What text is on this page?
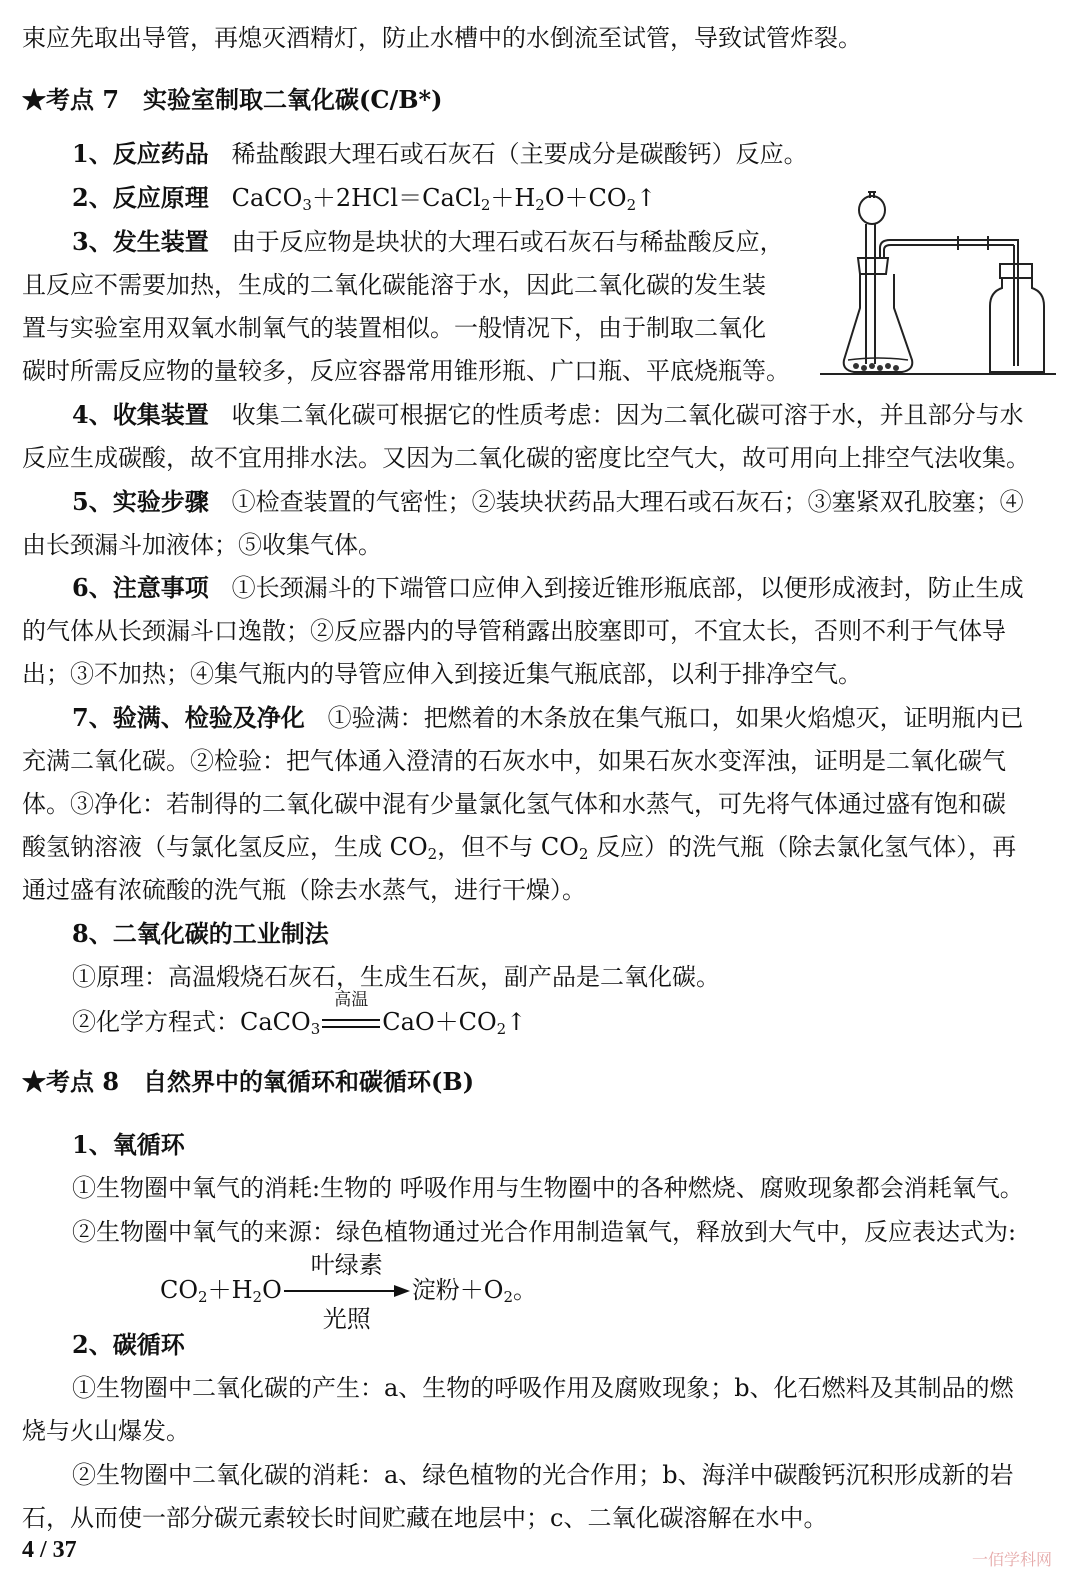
束应先取出导管，再熄灭酒精灯，防止水槽中的水倒流至试管，导致试管炸裂。
★考点 7　实验室制取二氧化碳(C/B*)
1、反应药品 稀盐酸跟大理石或石灰石（主要成分是碳酸钙）反应。
2、反应原理 $CaCO_3+2HCl=CaCl_2+H_2O+CO_2↑$
3、发生装置 由于反应物是块状的大理石或石灰石与稀盐酸反应，
且反应不需要加热，生成的二氧化碳能溶于水，因此二氧化碳的发生装
置与实验室用双氧水制氧气的装置相似。一般情况下，由于制取二氧化
碳时所需反应物的量较多，反应容器常用锥形瓶、广口瓶、平底烧瓶等。
4、收集装置 收集二氧化碳可根据它的性质考虑：因为二氧化碳可溶于水，并且部分与水
反应生成碳酸，故不宜用排水法。又因为二氧化碳的密度比空气大，故可用向上排空气法收集。
5、实验步骤 ①检查装置的气密性；②装块状药品大理石或石灰石；③塞紧双孔胶塞；④
由长颈漏斗加液体；⑤收集气体。
6、注意事项 ①长颈漏斗的下端管口应伸入到接近锥形瓶底部，以便形成液封，防止生成
的气体从长颈漏斗口逸散；②反应器内的导管稍露出胶塞即可，不宜太长，否则不利于气体导
出；③不加热；④集气瓶内的导管应伸入到接近集气瓶底部，以利于排净空气。
7、验满、检验及净化 ①验满：把燃着的木条放在集气瓶口，如果火焰熄灭，证明瓶内已
充满二氧化碳。②检验：把气体通入澄清的石灰水中，如果石灰水变浑浊，证明是二氧化碳气
体。③净化：若制得的二氧化碳中混有少量氯化氢气体和水蒸气，可先将气体通过盛有饱和碳
酸氢钠溶液（与氯化氢反应，生成 $CO_2$，但不与 $CO_2$ 反应）的洗气瓶（除去氯化氢气体），再
通过盛有浓硫酸的洗气瓶（除去水蒸气，进行干燥）。
8、二氧化碳的工业制法
①原理：高温煅烧石灰石，生成生石灰，副产品是二氧化碳。
②化学方程式：CaCO$_3$
高温
$CaO+CO_2↑$
★考点 8　自然界中的氧循环和碳循环(B)
1、氧循环
①生物圈中氧气的消耗:生物的 呼吸作用与生物圈中的各种燃烧、腐败现象都会消耗氧气。
②生物圈中氧气的来源：绿色植物通过光合作用制造氧气，释放到大气中，反应表达式为:
$CO_2+H_2O$
叶绿素
光照
淀粉$+O_2$。
2、碳循环
①生物圈中二氧化碳的产生：a、生物的呼吸作用及腐败现象；b、化石燃料及其制品的燃
烧与火山爆发。
②生物圈中二氧化碳的消耗：a、绿色植物的光合作用；b、海洋中碳酸钙沉积形成新的岩
石，从而使一部分碳元素较长时间贮藏在地层中；c、二氧化碳溶解在水中。
4 / 37	一佰学科网
